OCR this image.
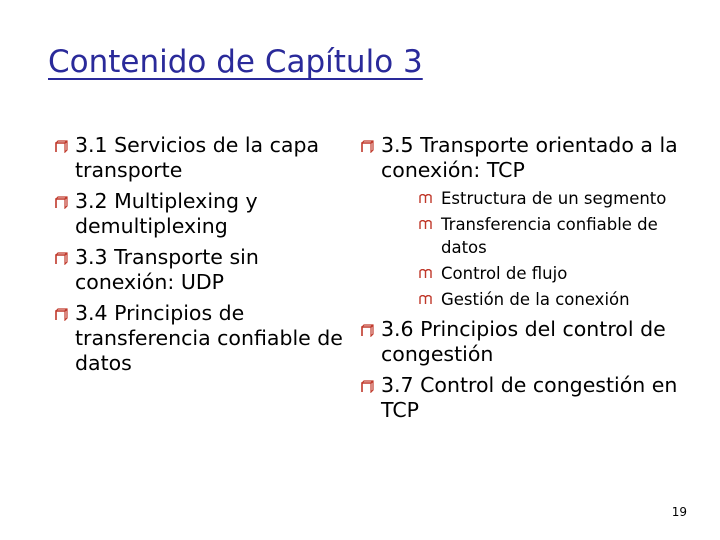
Contenido de Capítulo 3
3.1 Servicios de la capa transporte
3.2 Multiplexing y demultiplexing
3.3 Transporte sin conexión: UDP
3.4 Principios de transferencia confiable de datos
3.5 Transporte orientado a la conexión: TCP
Estructura de un segmento
Transferencia confiable de datos
Control de flujo
Gestión de la conexión
3.6 Principios del control de congestión
3.7 Control de congestión en TCP
19
